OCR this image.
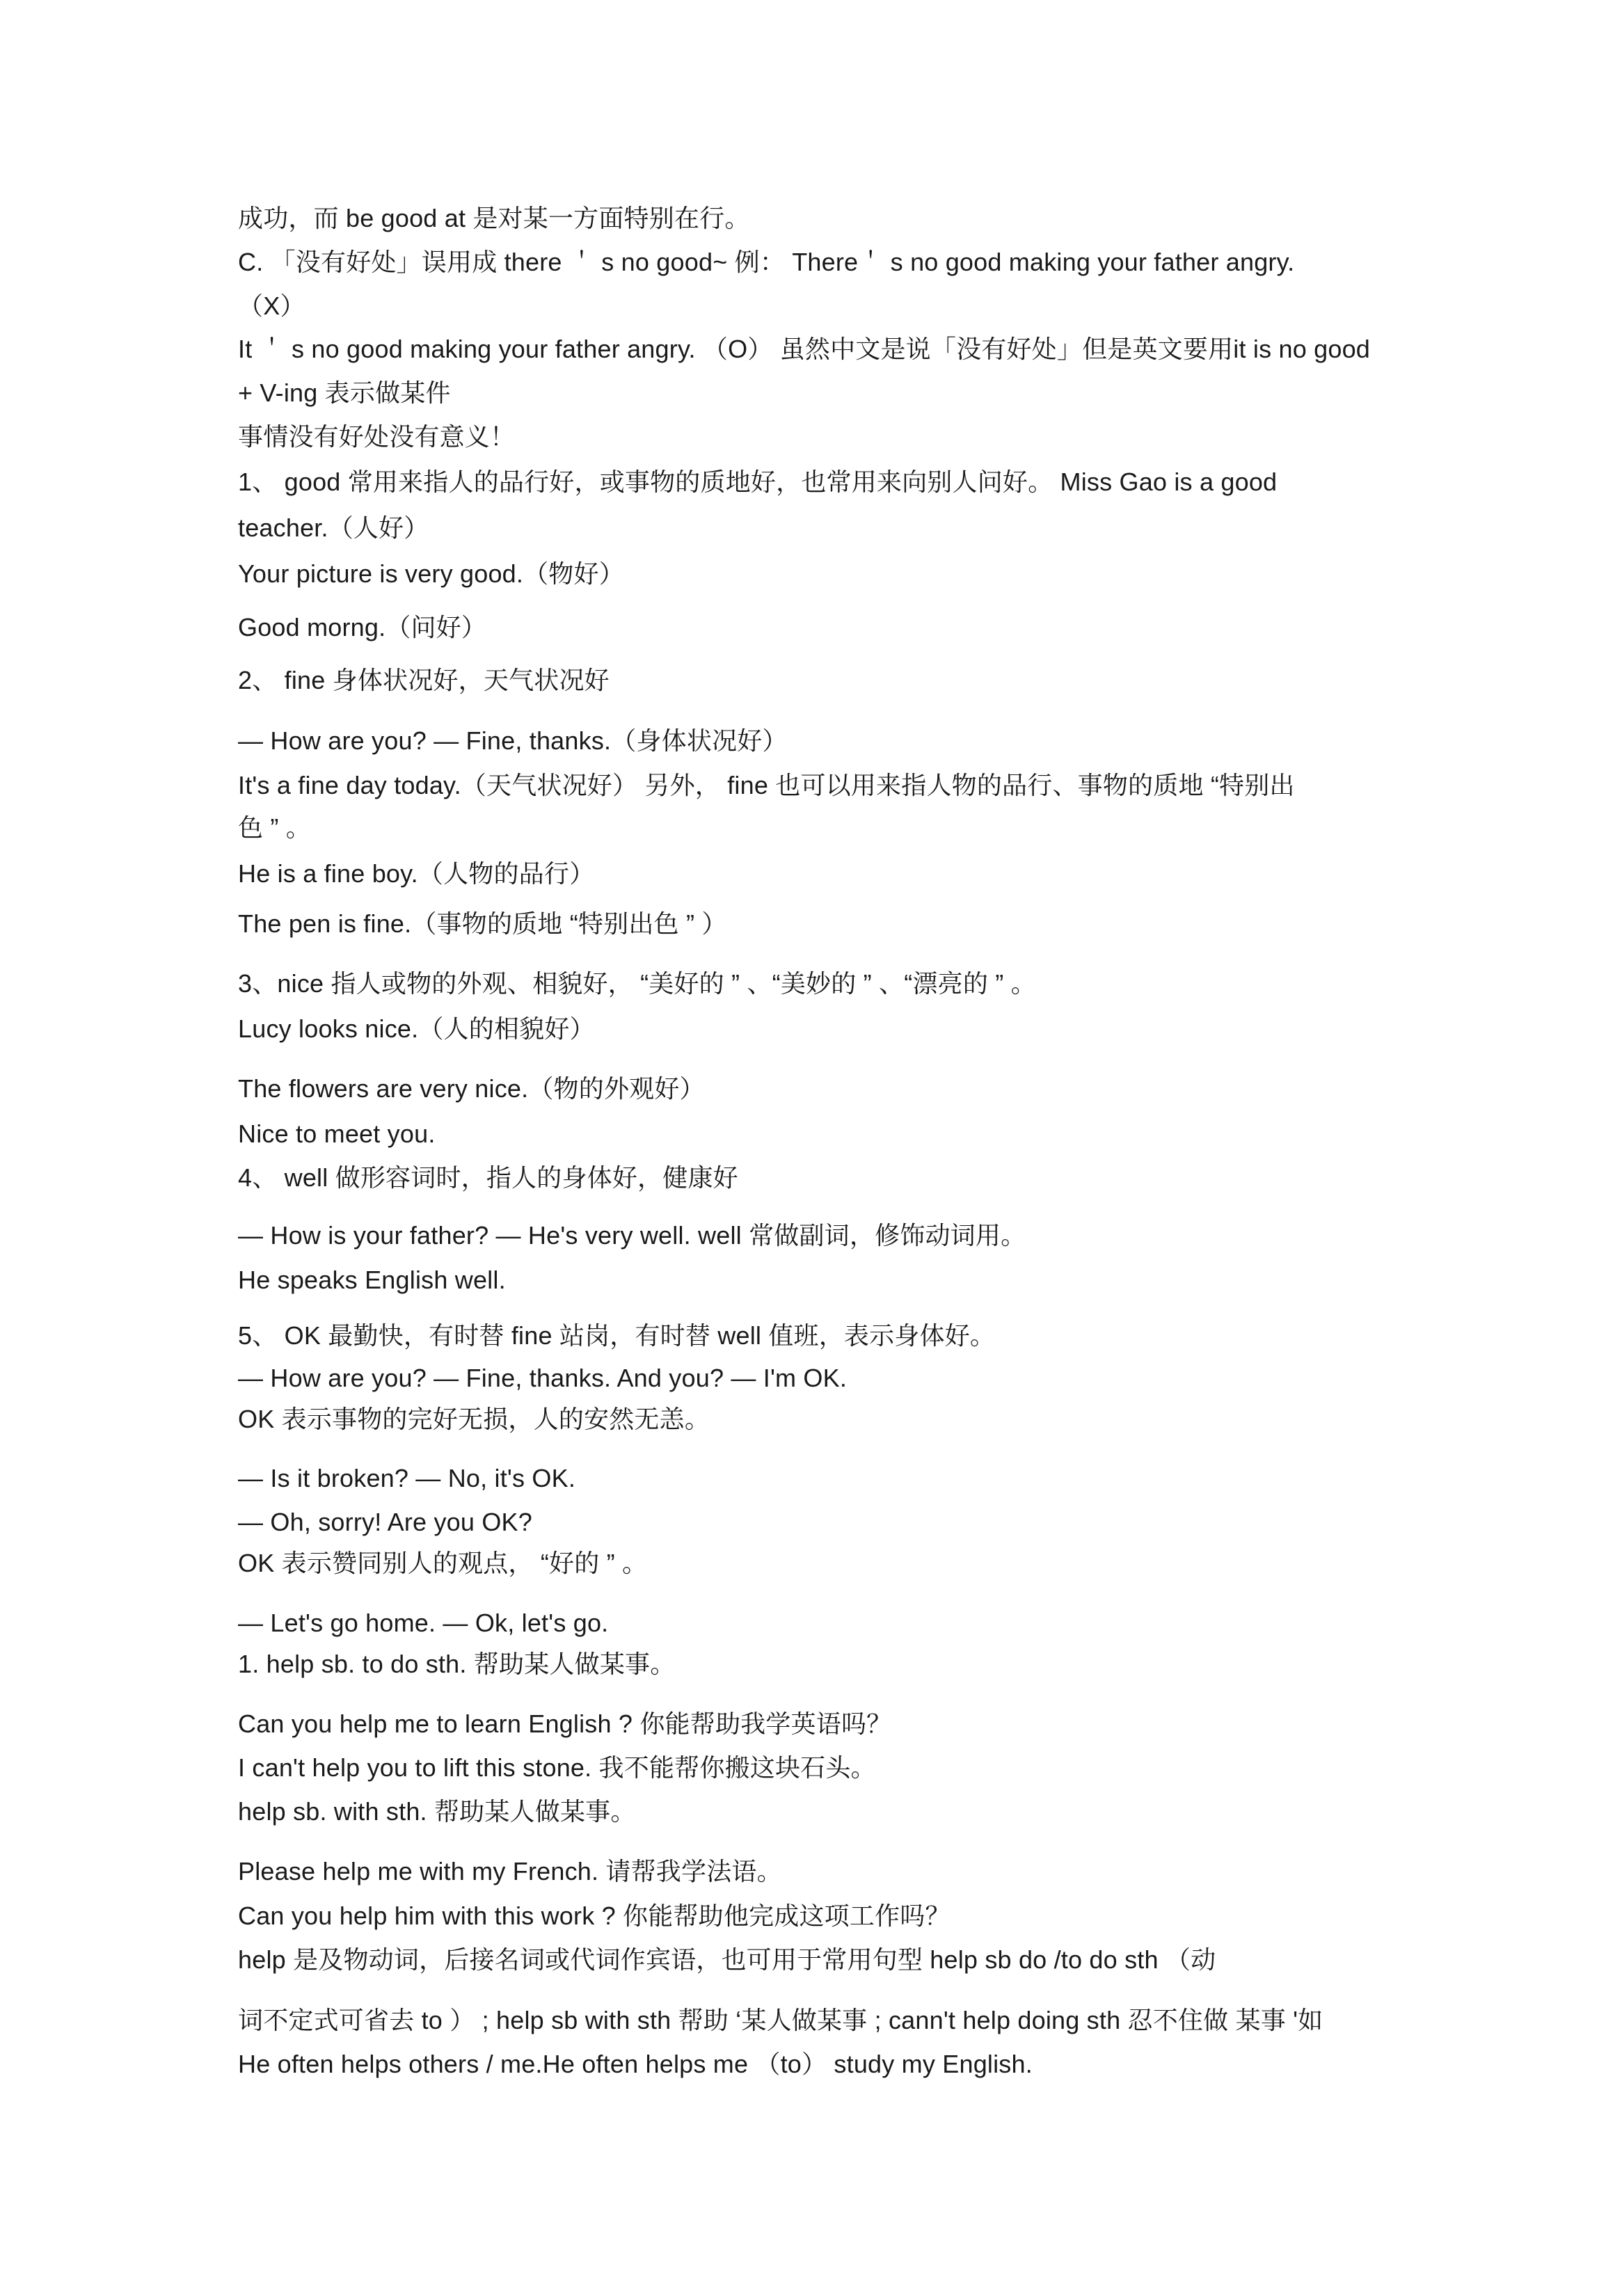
成功，而 be good at 是对某一方面特别在行。
C. 「没有好处」误用成 there ＇ s no good~ 例： There＇ s no good making your father angry.
（X）
It ＇ s no good making your father angry. （O） 虽然中文是说「没有好处」但是英文要用it is no good
+ V-ing 表示做某件
事情没有好处没有意义！
1、 good 常用来指人的品行好，或事物的质地好，也常用来向别人问好。 Miss Gao is a good
teacher.（人好）
Your picture is very good.（物好）
Good morng.（问好）
2、 fine 身体状况好，天气状况好
— How are you? — Fine, thanks.（身体状况好）
It's a fine day today.（天气状况好） 另外， fine 也可以用来指人物的品行、事物的质地 “特别出
色 ” 。
He is a fine boy.（人物的品行）
The pen is fine.（事物的质地 “特别出色 ” ）
3、nice 指人或物的外观、相貌好， “美好的 ” 、“美妙的 ” 、“漂亮的 ” 。
Lucy looks nice.（人的相貌好）
The flowers are very nice.（物的外观好）
Nice to meet you.
4、 well 做形容词时，指人的身体好，健康好
— How is your father? — He's very well. well 常做副词，修饰动词用。
He speaks English well.
5、 OK 最勤快，有时替 fine 站岗，有时替 well 值班，表示身体好。
— How are you? — Fine, thanks. And you? — I'm OK.
OK 表示事物的完好无损，人的安然无恙。
— Is it broken? — No, it's OK.
— Oh, sorry! Are you OK?
OK 表示赞同别人的观点， “好的 ” 。
— Let's go home. — Ok, let's go.
1. help sb. to do sth. 帮助某人做某事。
Can you help me to learn English ? 你能帮助我学英语吗？
I can't help you to lift this stone. 我不能帮你搬这块石头。
help sb. with sth. 帮助某人做某事。
Please help me with my French. 请帮我学法语。
Can you help him with this work ? 你能帮助他完成这项工作吗？
help 是及物动词，后接名词或代词作宾语，也可用于常用句型 help sb do /to do sth （动
词不定式可省去 to ） ; help sb with sth 帮助 ‘某人做某事 ; cann't help doing sth 忍不住做 某事 '如
He often helps others / me.He often helps me （to） study my English.
